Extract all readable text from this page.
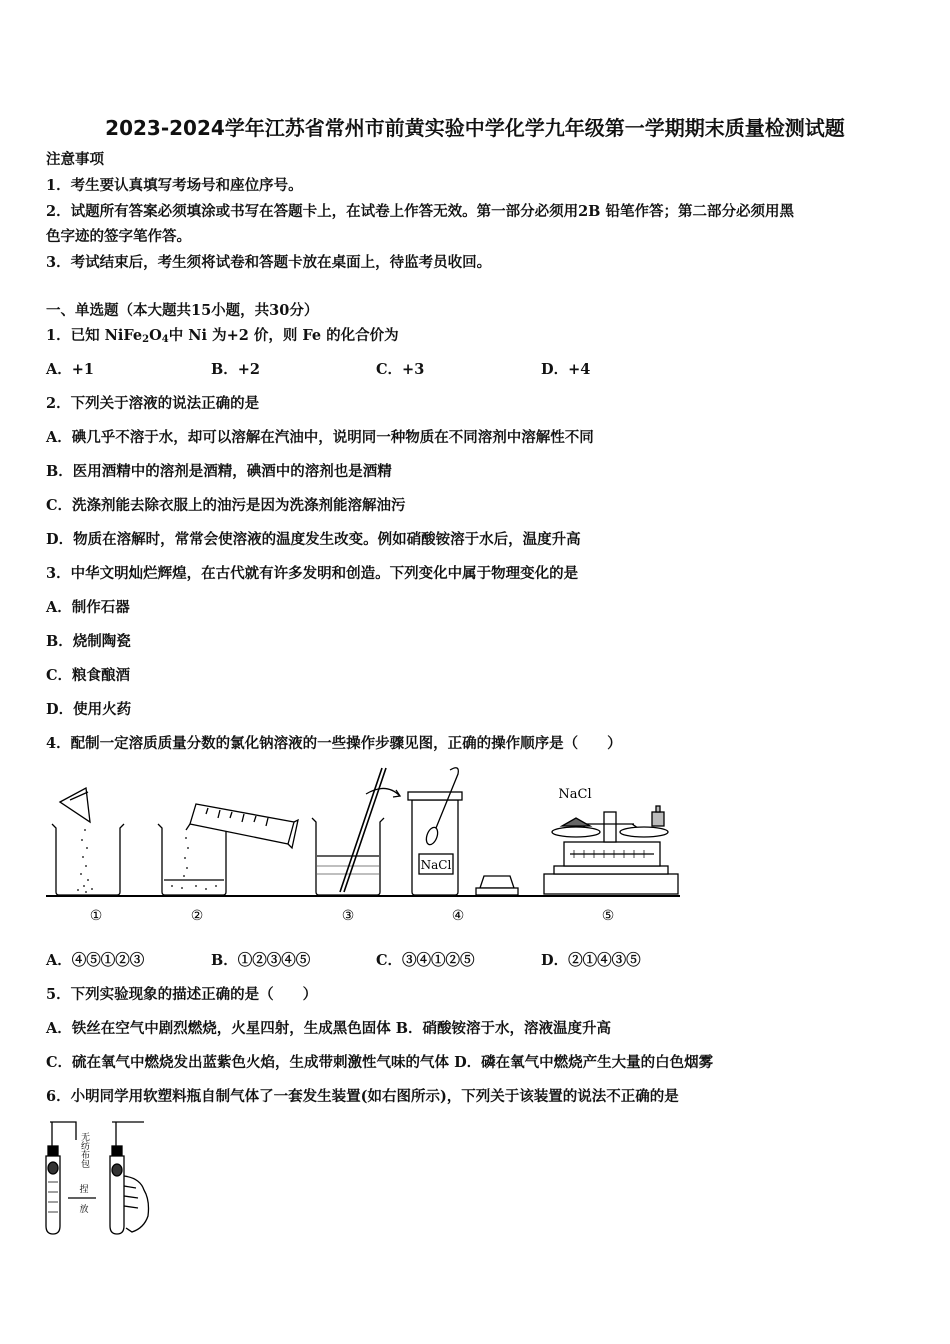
2023-2024学年江苏省常州市前黄实验中学化学九年级第一学期期末质量检测试题
注意事项
1．考生要认真填写考场号和座位序号。
2．试题所有答案必须填涂或书写在答题卡上，在试卷上作答无效。第一部分必须用2B 铅笔作答；第二部分必须用黑
色字迹的签字笔作答。
3．考试结束后，考生须将试卷和答题卡放在桌面上，待监考员收回。
一、单选题（本大题共15小题，共30分）
1．已知 $NiFe_2O_4$中 Ni 为+2 价，则 Fe 的化合价为
A．+1	B．+2	C．+3	D．+4
2．下列关于溶液的说法正确的是
A．碘几乎不溶于水，却可以溶解在汽油中，说明同一种物质在不同溶剂中溶解性不同
B．医用酒精中的溶剂是酒精，碘酒中的溶剂也是酒精
C．洗涤剂能去除衣服上的油污是因为洗涤剂能溶解油污
D．物质在溶解时，常常会使溶液的温度发生改变。例如硝酸铵溶于水后，温度升高
3．中华文明灿烂辉煌，在古代就有许多发明和创造。下列变化中属于物理变化的是
A．制作石器
B．烧制陶瓷
C．粮食酿酒
D．使用火药
4．配制一定溶质质量分数的氯化钠溶液的一些操作步骤见图，正确的操作顺序是（　　）
NaCl
NaCl
①	②	③	④	⑤
A．④⑤①②③	B．①②③④⑤	C．③④①②⑤	D．②①④③⑤
5．下列实验现象的描述正确的是（　　）
A．铁丝在空气中剧烈燃烧，火星四射，生成黑色固体 B．硝酸铵溶于水，溶液温度升高
C．硫在氧气中燃烧发出蓝紫色火焰，生成带刺激性气味的气体 D．磷在氧气中燃烧产生大量的白色烟雾
6．小明同学用软塑料瓶自制气体了一套发生装置(如右图所示)，下列关于该装置的说法不正确的是
无纺布包
捏
放
